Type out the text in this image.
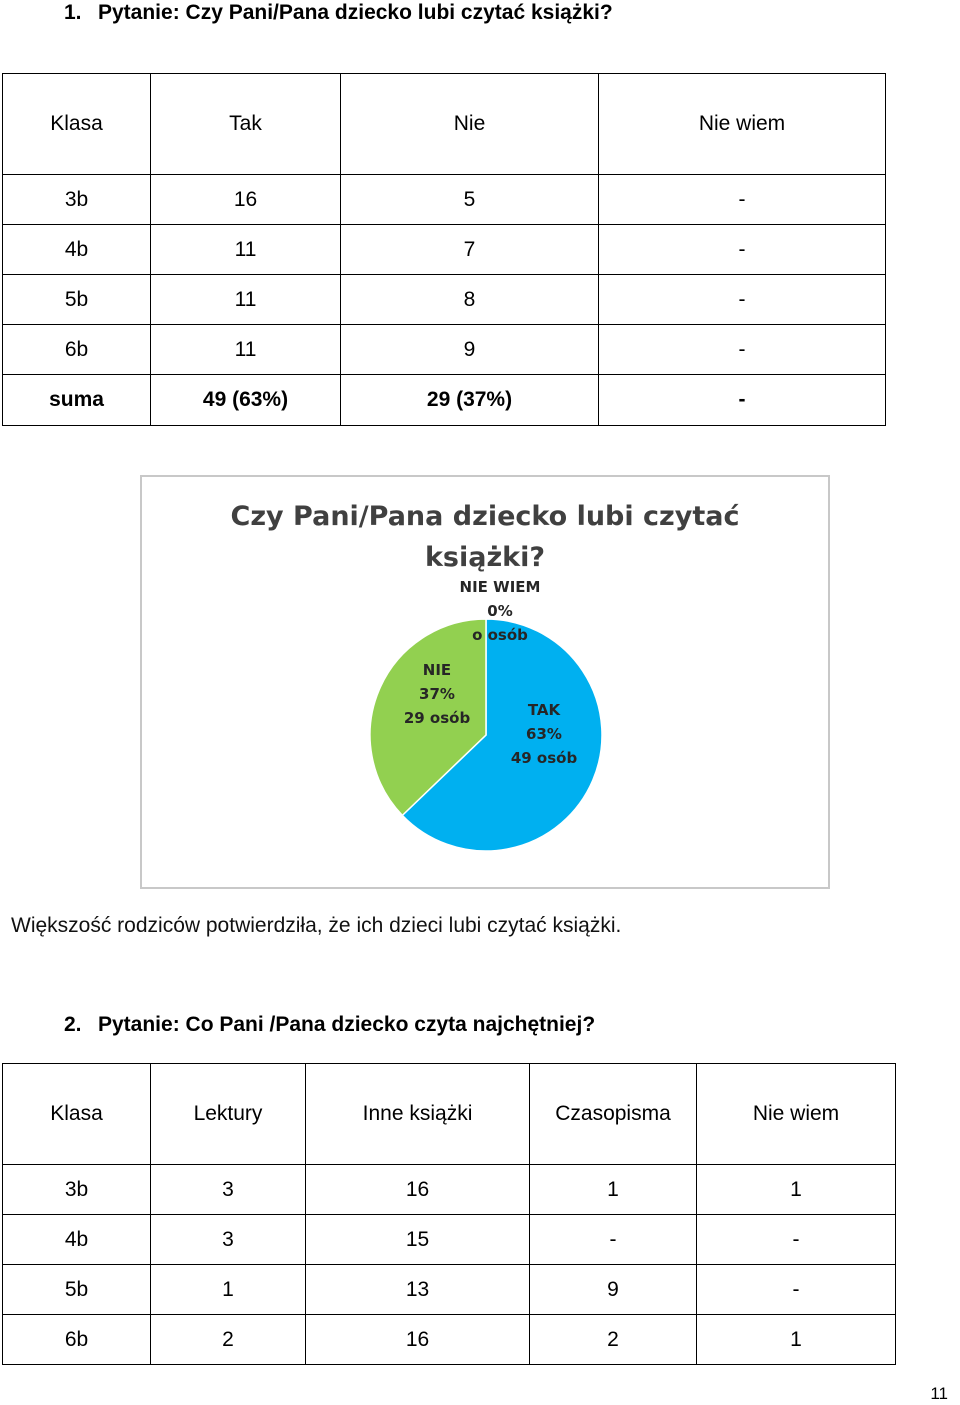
1. Pytanie: Czy Pani/Pana dziecko lubi czytać książki?
Klasa	Tak	Nie	Nie wiem
3b	16	5	-
4b	11	7	-
5b	11	8	-
6b	11	9	-
suma	49 (63%)	29 (37%)	-
Czy Pani/Pana dziecko lubi czytać
książki?
TAK 63% 49 osób
NIE 37% 29 osób
NIE WIEM 0% o osób
Większość rodziców potwierdziła, że ich dzieci lubi czytać książki.
2. Pytanie: Co Pani /Pana dziecko czyta najchętniej?
Klasa	Lektury	Inne książki	Czasopisma	Nie wiem
3b	3	16	1	1
4b	3	15	-	-
5b	1	13	9	-
6b	2	16	2	1
11
